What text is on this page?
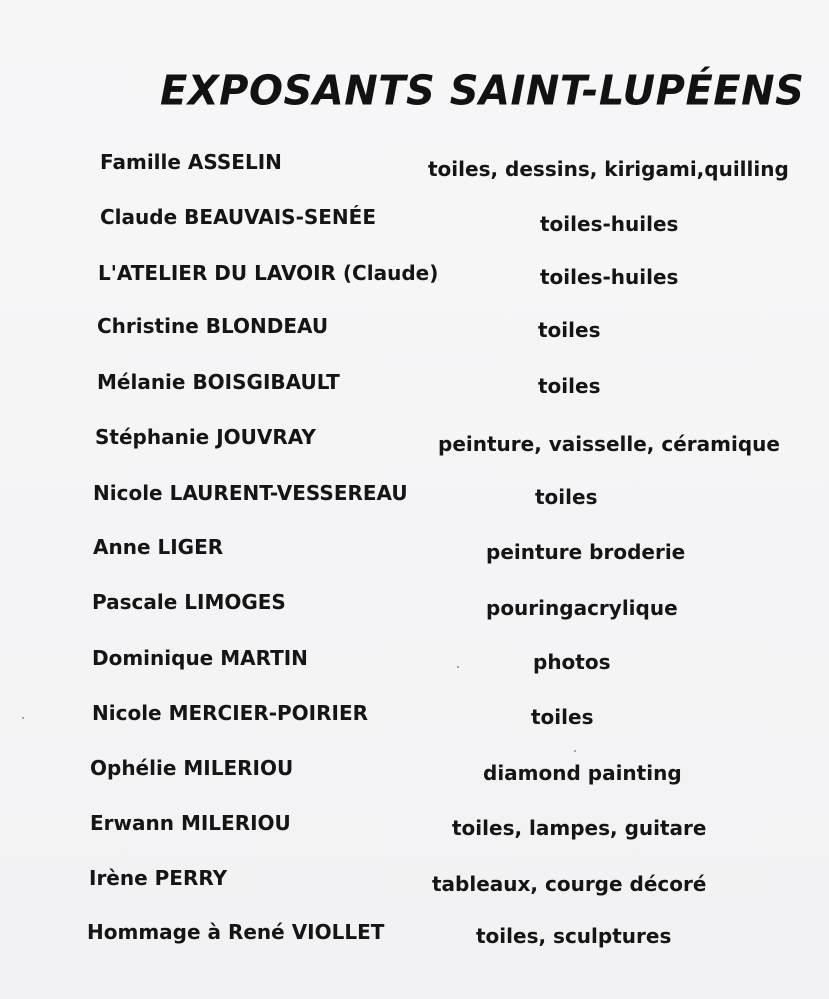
EXPOSANTS SAINT-LUPÉENS
Famille ASSELIN	toiles, dessins, kirigami,quilling
Claude BEAUVAIS-SENÉE	toiles-huiles
L'ATELIER DU LAVOIR (Claude)	toiles-huiles
Christine BLONDEAU	toiles
Mélanie BOISGIBAULT	toiles
Stéphanie JOUVRAY	peinture, vaisselle, céramique
Nicole LAURENT-VESSEREAU	toiles
Anne LIGER	peinture broderie
Pascale LIMOGES	pouringacrylique
Dominique MARTIN	photos
Nicole MERCIER-POIRIER	toiles
Ophélie MILERIOU	diamond painting
Erwann MILERIOU	toiles, lampes, guitare
Irène PERRY	tableaux, courge décoré
Hommage à René VIOLLET	toiles, sculptures
